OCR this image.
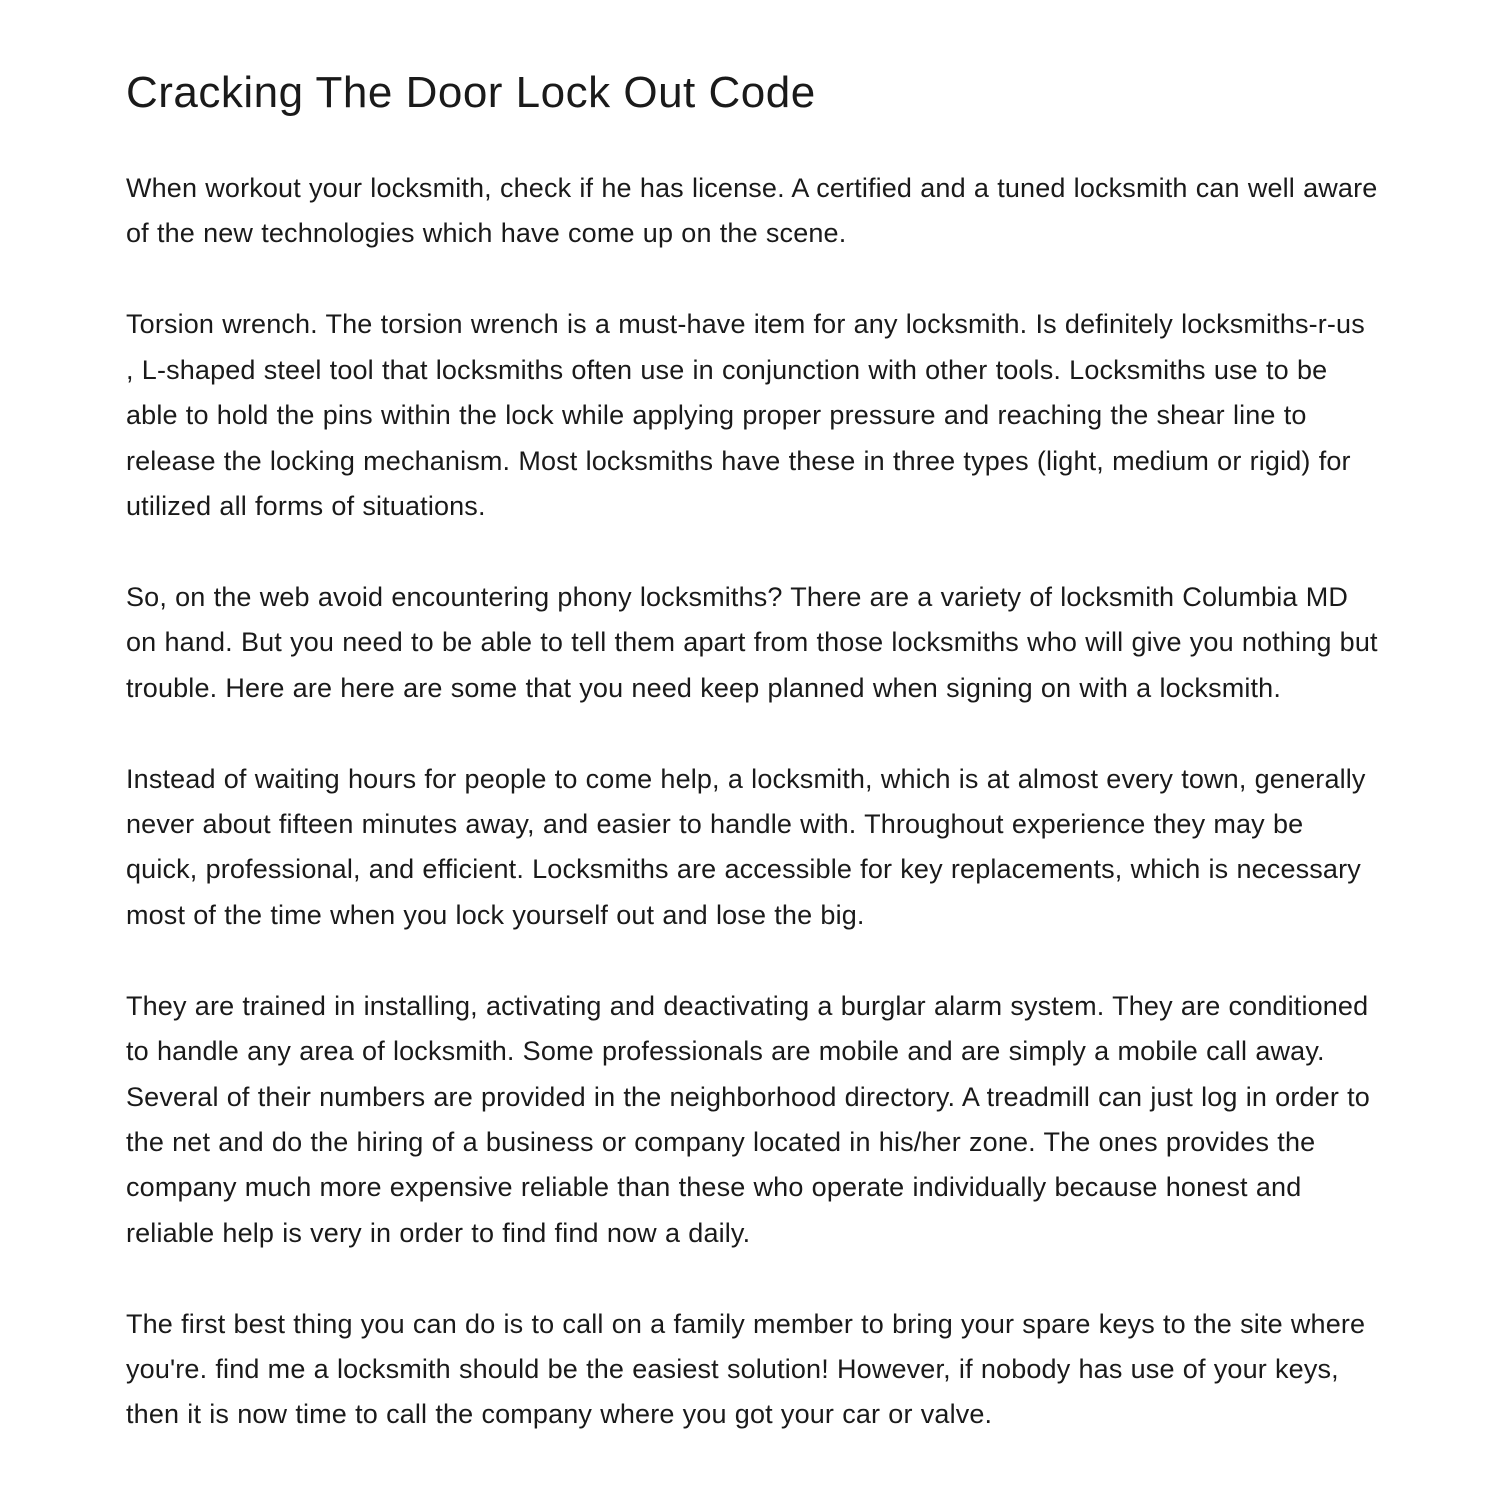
Cracking The Door Lock Out Code

When workout your locksmith, check if he has license. A certified and a tuned locksmith can well aware of the new technologies which have come up on the scene.

Torsion wrench. The torsion wrench is a must-have item for any locksmith. Is definitely locksmiths-r-us , L-shaped steel tool that locksmiths often use in conjunction with other tools. Locksmiths use to be able to hold the pins within the lock while applying proper pressure and reaching the shear line to release the locking mechanism. Most locksmiths have these in three types (light, medium or rigid) for utilized all forms of situations.

So, on the web avoid encountering phony locksmiths? There are a variety of locksmith Columbia MD on hand. But you need to be able to tell them apart from those locksmiths who will give you nothing but trouble. Here are here are some that you need keep planned when signing on with a locksmith.

Instead of waiting hours for people to come help, a locksmith, which is at almost every town, generally never about fifteen minutes away, and easier to handle with. Throughout experience they may be quick, professional, and efficient. Locksmiths are accessible for key replacements, which is necessary most of the time when you lock yourself out and lose the big.

They are trained in installing, activating and deactivating a burglar alarm system. They are conditioned to handle any area of locksmith. Some professionals are mobile and are simply a mobile call away. Several of their numbers are provided in the neighborhood directory. A treadmill can just log in order to the net and do the hiring of a business or company located in his/her zone. The ones provides the company much more expensive reliable than these who operate individually because honest and reliable help is very in order to find find now a daily.

The first best thing you can do is to call on a family member to bring your spare keys to the site where you're. find me a locksmith should be the easiest solution! However, if nobody has use of your keys, then it is now time to call the company where you got your car or valve.
